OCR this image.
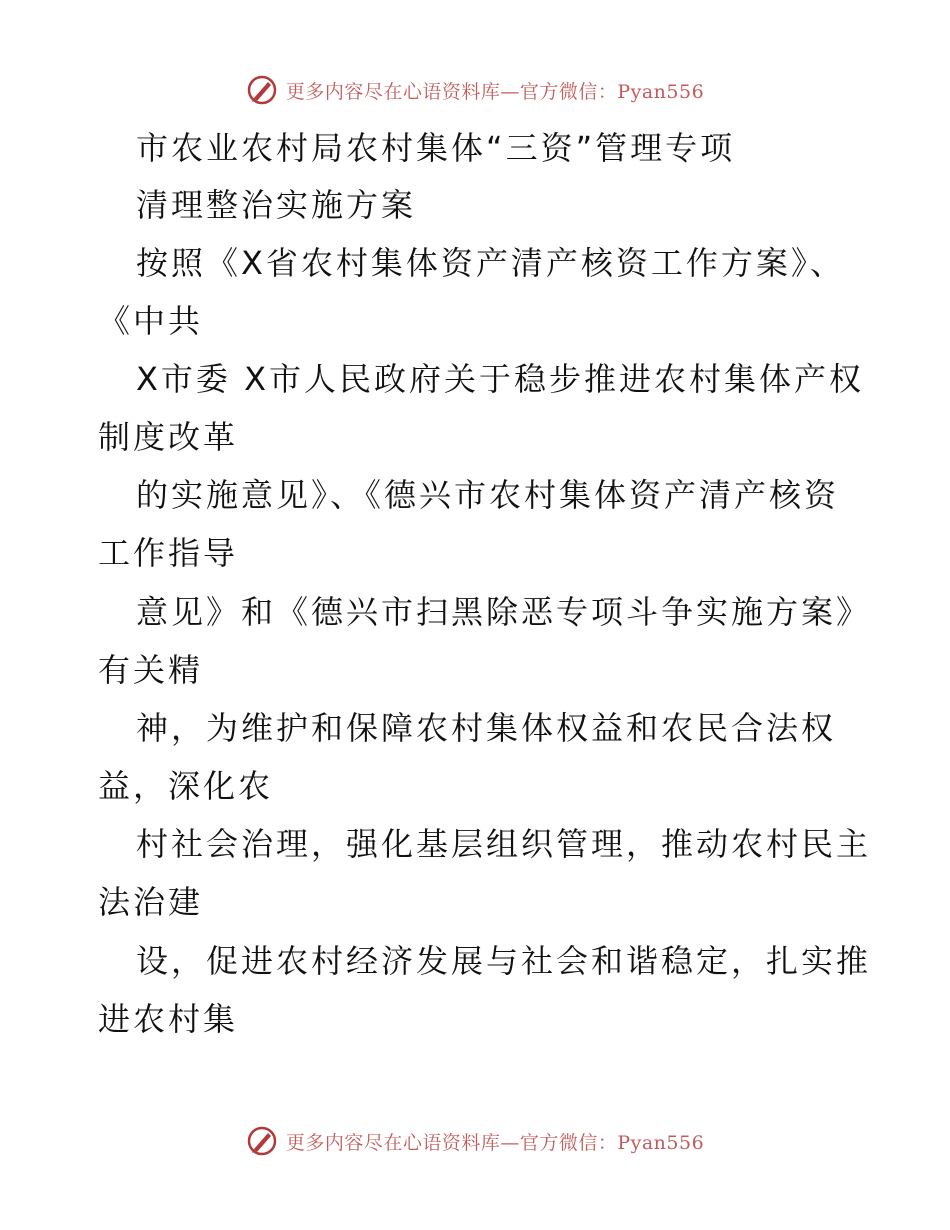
更多内容尽在心语资料库—官方微信：Pyan556
市农业农村局农村集体“三资”管理专项
清理整治实施方案
按照《X省农村集体资产清产核资工作方案》、
《中共
X市委 X市人民政府关于稳步推进农村集体产权
制度改革
的实施意见》、《德兴市农村集体资产清产核资
工作指导
意见》和《德兴市扫黑除恶专项斗争实施方案》
有关精
神，为维护和保障农村集体权益和农民合法权
益，深化农
村社会治理，强化基层组织管理，推动农村民主
法治建
设，促进农村经济发展与社会和谐稳定，扎实推
进农村集
更多内容尽在心语资料库—官方微信：Pyan556
